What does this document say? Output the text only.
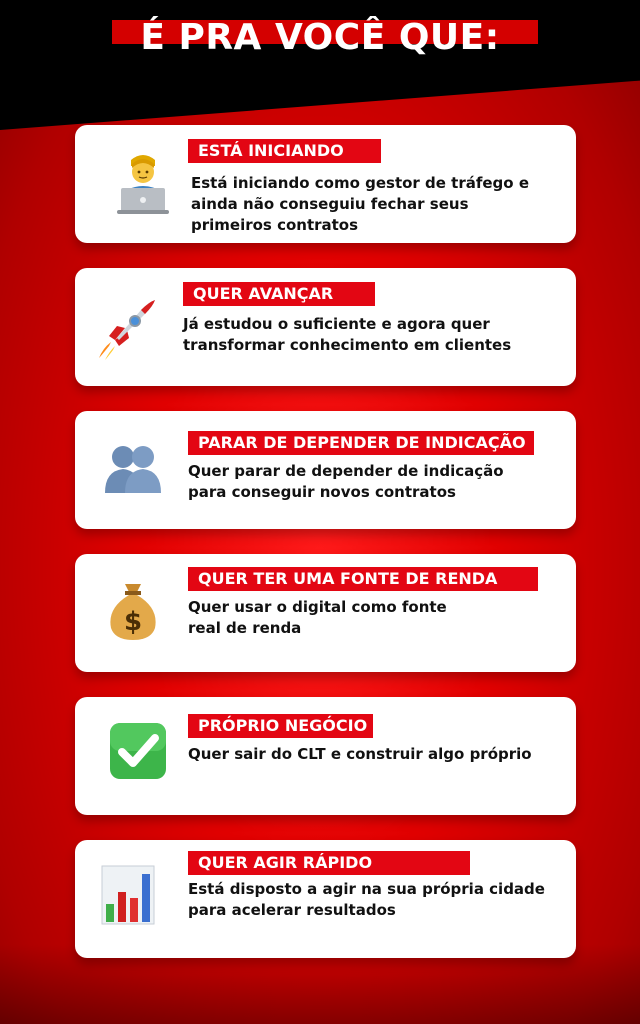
É PRA VOCÊ QUE:
ESTÁ INICIANDO
Está iniciando como gestor de tráfego e
ainda não conseguiu fechar seus
primeiros contratos
QUER AVANÇAR
Já estudou o suficiente e agora quer
transformar conhecimento em clientes
PARAR DE DEPENDER DE INDICAÇÃO
Quer parar de depender de indicação
para conseguir novos contratos
$
QUER TER UMA FONTE DE RENDA
Quer usar o digital como fonte
real de renda
PRÓPRIO NEGÓCIO
Quer sair do CLT e construir algo próprio
QUER AGIR RÁPIDO
Está disposto a agir na sua própria cidade
para acelerar resultados
